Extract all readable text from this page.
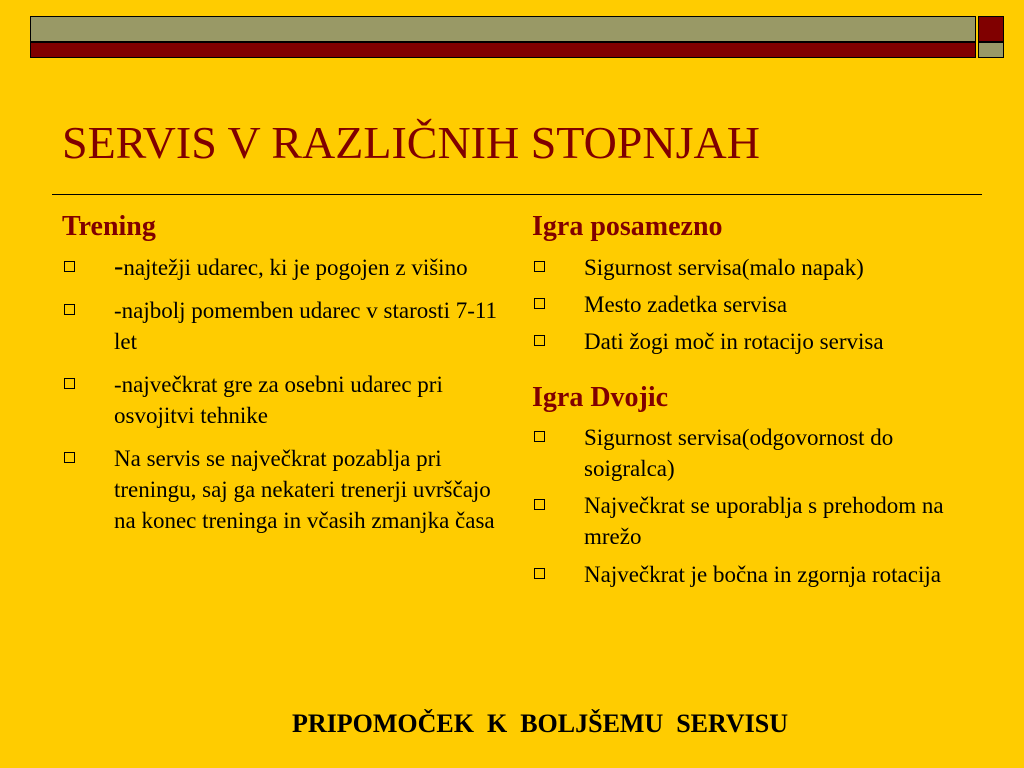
SERVIS V RAZLIČNIH STOPNJAH
Trening
-najtežji udarec, ki je pogojen z višino
-najbolj pomemben udarec v starosti 7-11 let
-največkrat gre za osebni udarec pri osvojitvi tehnike
Na servis se največkrat pozablja pri treningu, saj ga nekateri trenerji uvrščajo na konec treninga in včasih zmanjka časa
Igra posamezno
Sigurnost servisa(malo napak)
Mesto zadetka servisa
Dati žogi moč in rotacijo servisa
Igra Dvojic
Sigurnost servisa(odgovornost do soigralca)
Največkrat se uporablja s prehodom na mrežo
Največkrat je bočna in zgornja rotacija
PRIPOMOČEK  K  BOLJŠEMU  SERVISU
